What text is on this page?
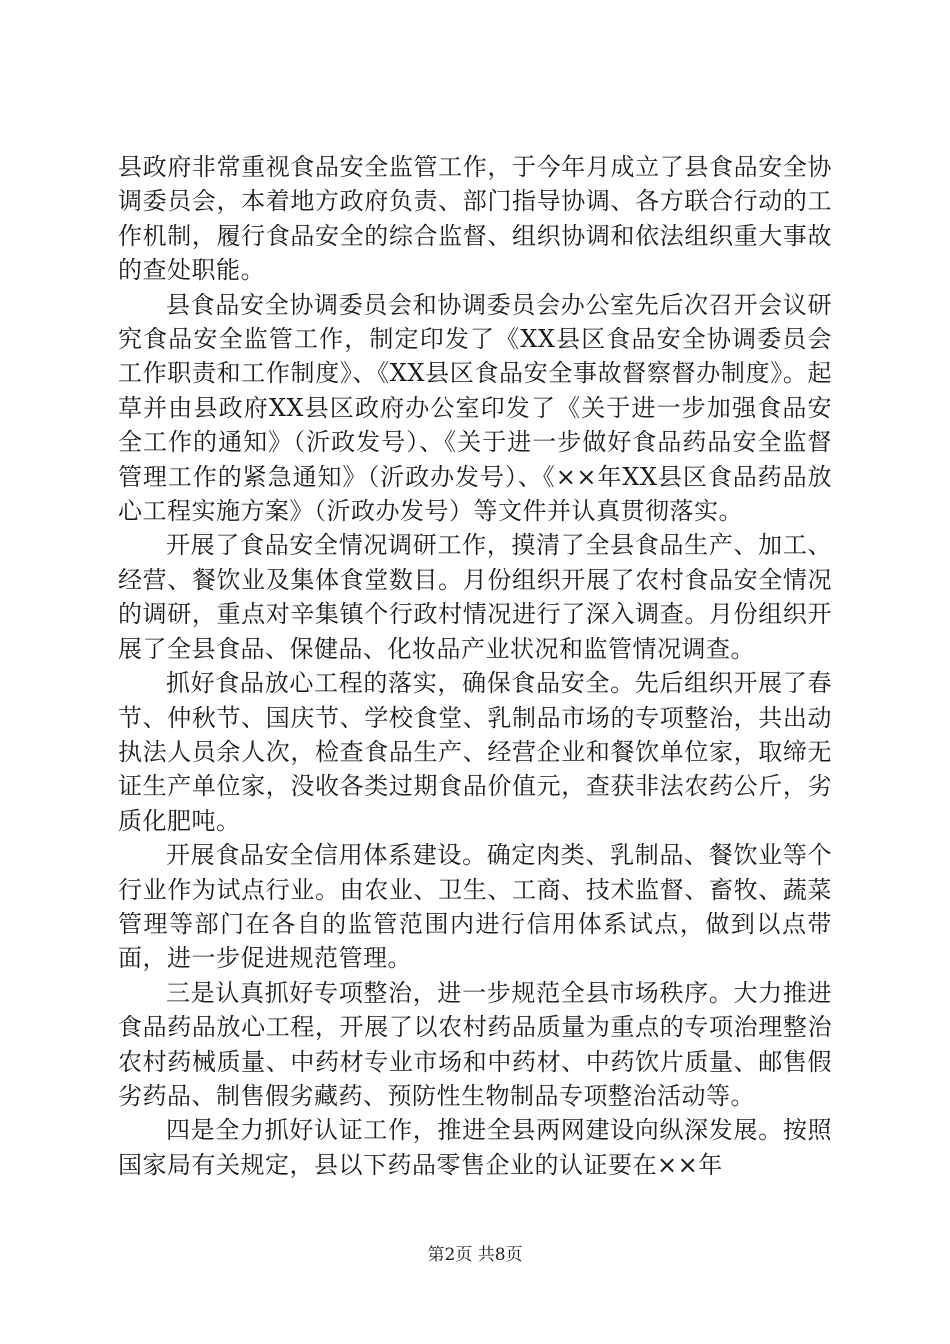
县政府非常重视食品安全监管工作，于今年月成立了县食品安全协调委员会，本着地方政府负责、部门指导协调、各方联合行动的工作机制，履行食品安全的综合监督、组织协调和依法组织重大事故的查处职能。

县食品安全协调委员会和协调委员会办公室先后次召开会议研究食品安全监管工作，制定印发了《XX县区食品安全协调委员会工作职责和工作制度》、《XX县区食品安全事故督察督办制度》。起草并由县政府XX县区政府办公室印发了《关于进一步加强食品安全工作的通知》（沂政发号）、《关于进一步做好食品药品安全监督管理工作的紧急通知》（沂政办发号）、《××年XX县区食品药品放心工程实施方案》（沂政办发号）等文件并认真贯彻落实。

开展了食品安全情况调研工作，摸清了全县食品生产、加工、经营、餐饮业及集体食堂数目。月份组织开展了农村食品安全情况的调研，重点对辛集镇个行政村情况进行了深入调查。月份组织开展了全县食品、保健品、化妆品产业状况和监管情况调查。

抓好食品放心工程的落实，确保食品安全。先后组织开展了春节、仲秋节、国庆节、学校食堂、乳制品市场的专项整治，共出动执法人员余人次，检查食品生产、经营企业和餐饮单位家，取缔无证生产单位家，没收各类过期食品价值元，查获非法农药公斤，劣质化肥吨。

开展食品安全信用体系建设。确定肉类、乳制品、餐饮业等个行业作为试点行业。由农业、卫生、工商、技术监督、畜牧、蔬菜管理等部门在各自的监管范围内进行信用体系试点，做到以点带面，进一步促进规范管理。

三是认真抓好专项整治，进一步规范全县市场秩序。大力推进食品药品放心工程，开展了以农村药品质量为重点的专项治理整治农村药械质量、中药材专业市场和中药材、中药饮片质量、邮售假劣药品、制售假劣藏药、预防性生物制品专项整治活动等。

四是全力抓好认证工作，推进全县两网建设向纵深发展。按照国家局有关规定，县以下药品零售企业的认证要在××年

第2页 共8页
